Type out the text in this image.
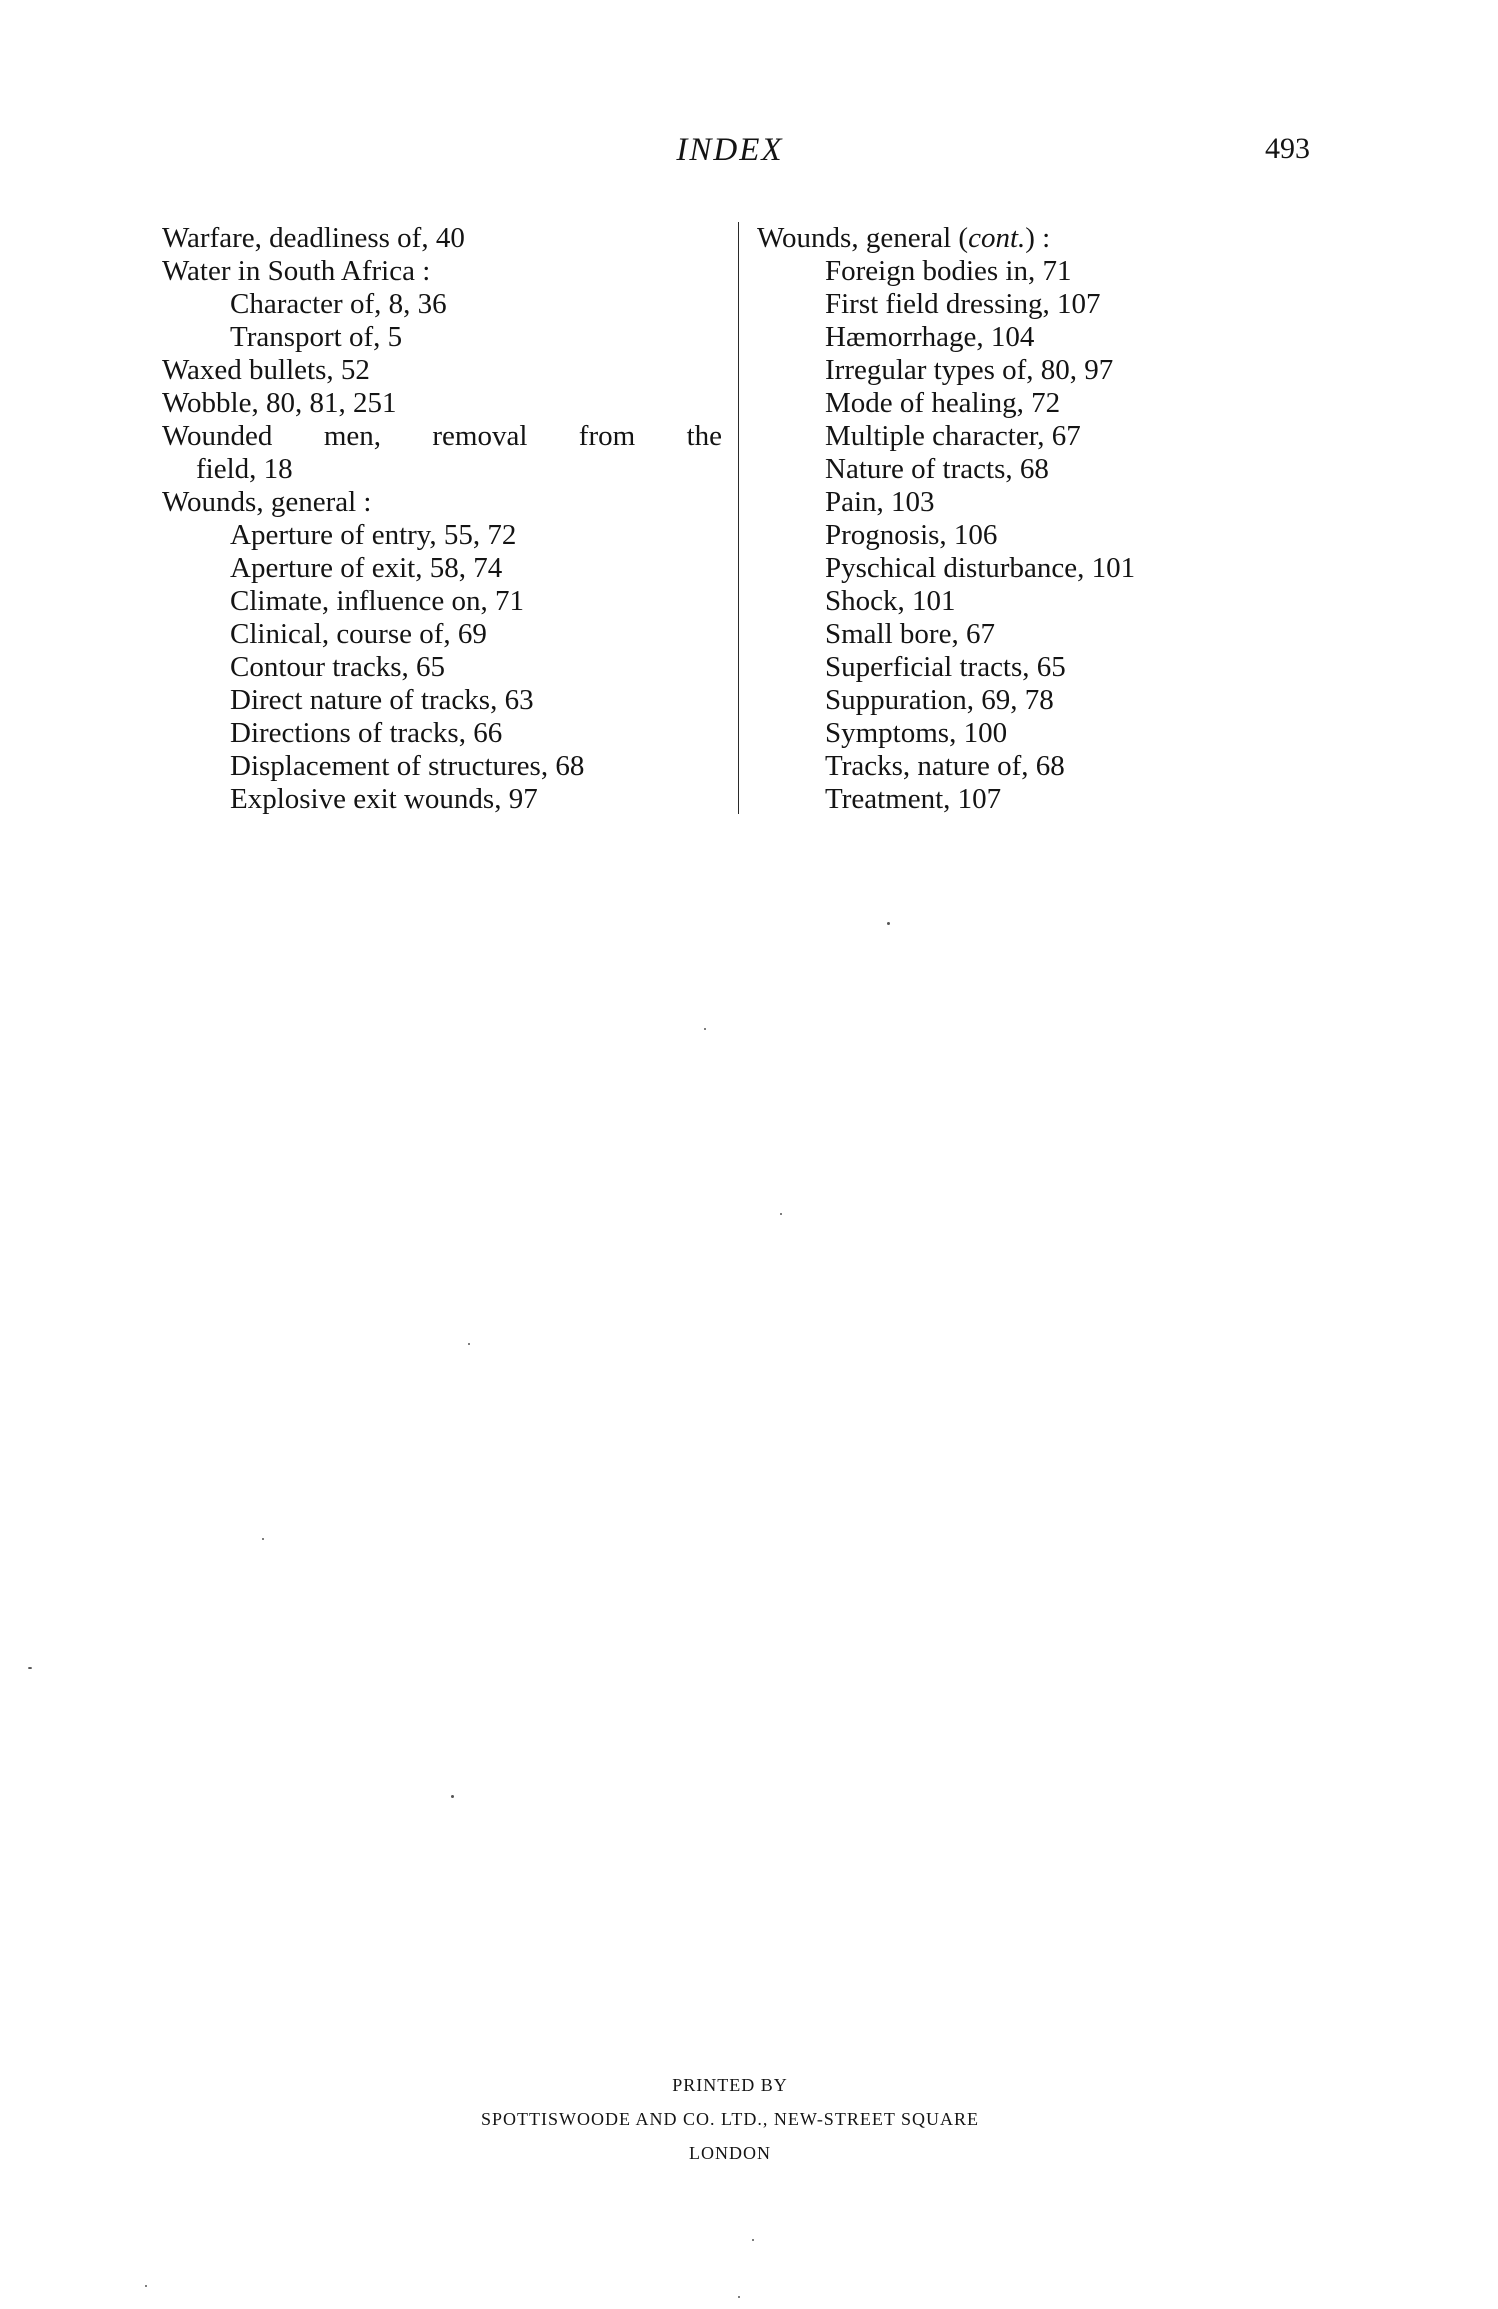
INDEX	493
Warfare, deadliness of, 40
Water in South Africa :
Character of, 8, 36
Transport of, 5
Waxed bullets, 52
Wobble, 80, 81, 251
Wounded men, removal from the
field, 18
Wounds, general :
Aperture of entry, 55, 72
Aperture of exit, 58, 74
Climate, influence on, 71
Clinical, course of, 69
Contour tracks, 65
Direct nature of tracks, 63
Directions of tracks, 66
Displacement of structures, 68
Explosive exit wounds, 97
Wounds, general (cont.) :
Foreign bodies in, 71
First field dressing, 107
Hæmorrhage, 104
Irregular types of, 80, 97
Mode of healing, 72
Multiple character, 67
Nature of tracts, 68
Pain, 103
Prognosis, 106
Pyschical disturbance, 101
Shock, 101
Small bore, 67
Superficial tracts, 65
Suppuration, 69, 78
Symptoms, 100
Tracks, nature of, 68
Treatment, 107
PRINTED BY
SPOTTISWOODE AND CO. LTD., NEW-STREET SQUARE
LONDON
